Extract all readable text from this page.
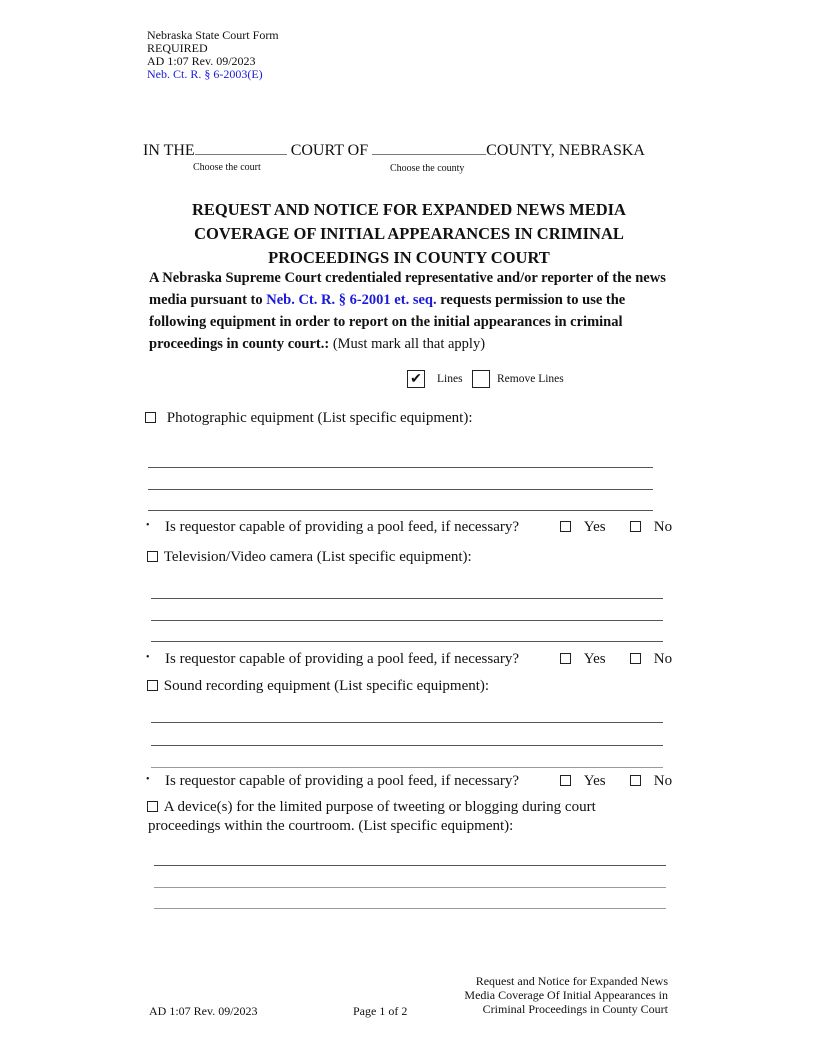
Nebraska State Court Form
REQUIRED
AD 1:07 Rev. 09/2023
Neb. Ct. R. § 6-2003(E)
IN THE	COURT OF	COUNTY, NEBRASKA
Choose the court	Choose the county
REQUEST AND NOTICE FOR EXPANDED NEWS MEDIA
COVERAGE OF INITIAL APPEARANCES IN CRIMINAL
PROCEEDINGS IN COUNTY COURT
A Nebraska Supreme Court credentialed representative and/or reporter of the news media pursuant to Neb. Ct. R. § 6-2001 et. seq. requests permission to use the following equipment in order to report on the initial appearances in criminal proceedings in county court.: (Must mark all that apply)
✔ Lines	Remove Lines
Photographic equipment (List specific equipment):
• Is requestor capable of providing a pool feed, if necessary?	Yes	No
Television/Video camera (List specific equipment):
• Is requestor capable of providing a pool feed, if necessary?	Yes	No
Sound recording equipment (List specific equipment):
• Is requestor capable of providing a pool feed, if necessary?	Yes	No
A device(s) for the limited purpose of tweeting or blogging during court
proceedings within the courtroom. (List specific equipment):
AD 1:07 Rev. 09/2023	Page 1 of 2
Request and Notice for Expanded News
Media Coverage Of Initial Appearances in
Criminal Proceedings in County Court
